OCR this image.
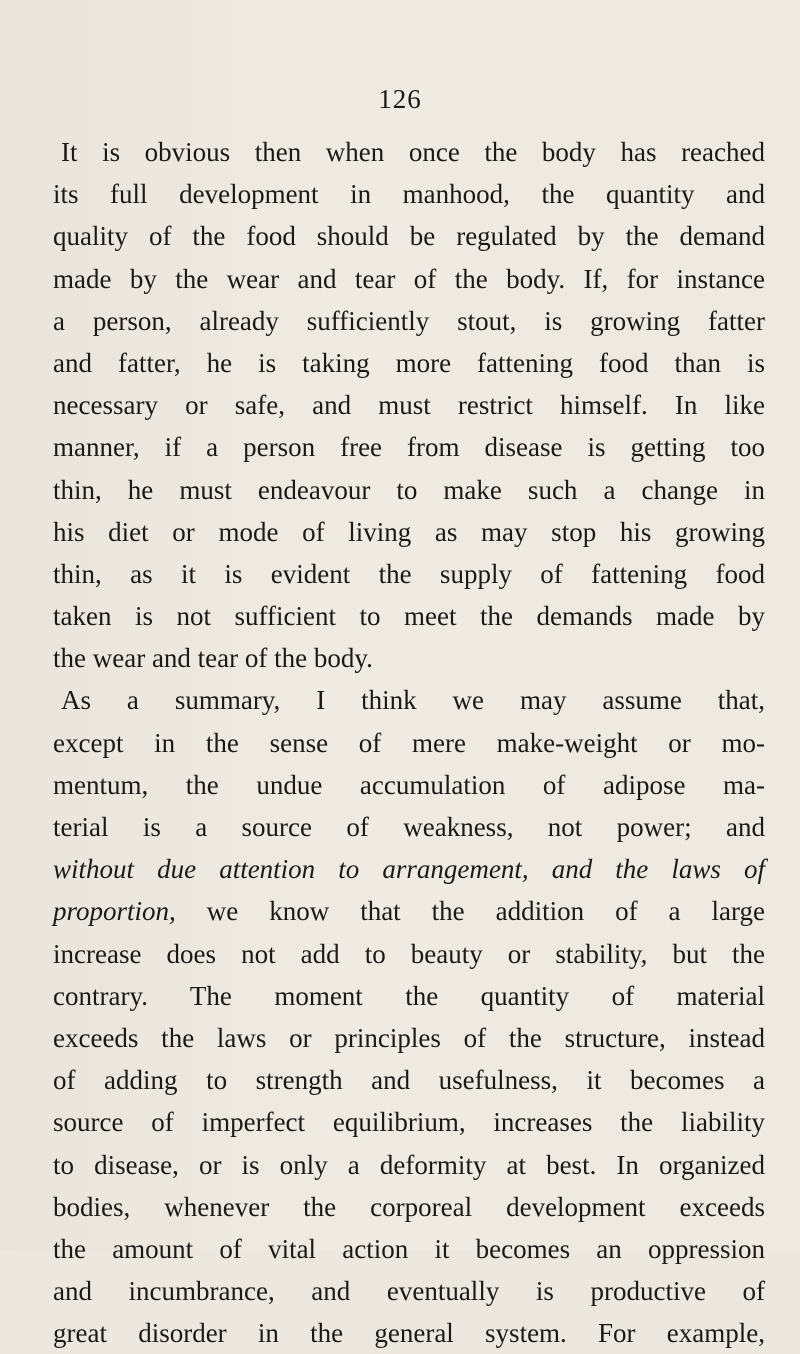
126
It is obvious then when once the body has reached
its full development in manhood, the quantity and
quality of the food should be regulated by the demand
made by the wear and tear of the body. If, for instance
a person, already sufficiently stout, is growing fatter
and fatter, he is taking more fattening food than is
necessary or safe, and must restrict himself. In like
manner, if a person free from disease is getting too
thin, he must endeavour to make such a change in
his diet or mode of living as may stop his growing
thin, as it is evident the supply of fattening food
taken is not sufficient to meet the demands made by
the wear and tear of the body.
As a summary, I think we may assume that,
except in the sense of mere make-weight or mo-
mentum, the undue accumulation of adipose ma-
terial is a source of weakness, not power; and
without due attention to arrangement, and the laws of
proportion, we know that the addition of a large
increase does not add to beauty or stability, but the
contrary. The moment the quantity of material
exceeds the laws or principles of the structure, instead
of adding to strength and usefulness, it becomes a
source of imperfect equilibrium, increases the liability
to disease, or is only a deformity at best. In organized
bodies, whenever the corporeal development exceeds
the amount of vital action it becomes an oppression
and incumbrance, and eventually is productive of
great disorder in the general system. For example,
